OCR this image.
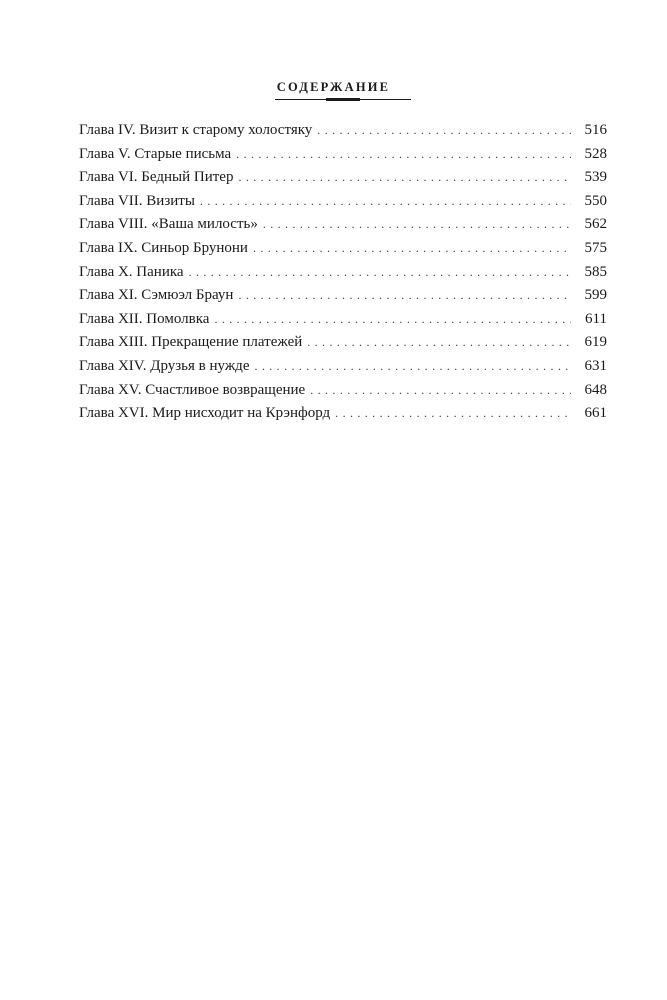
СОДЕРЖАНИЕ
Глава IV. Визит к старому холостяку . . .	516
Глава V. Старые письма . . .	528
Глава VI. Бедный Питер . . .	539
Глава VII. Визиты . . .	550
Глава VIII. «Ваша милость» . . .	562
Глава IX. Синьор Брунони . . .	575
Глава X. Паника . . .	585
Глава XI. Сэмюэл Браун . . .	599
Глава XII. Помолвка . . .	611
Глава XIII. Прекращение платежей . . .	619
Глава XIV. Друзья в нужде . . .	631
Глава XV. Счастливое возвращение . . .	648
Глава XVI. Мир нисходит на Крэнфорд . . .	661
